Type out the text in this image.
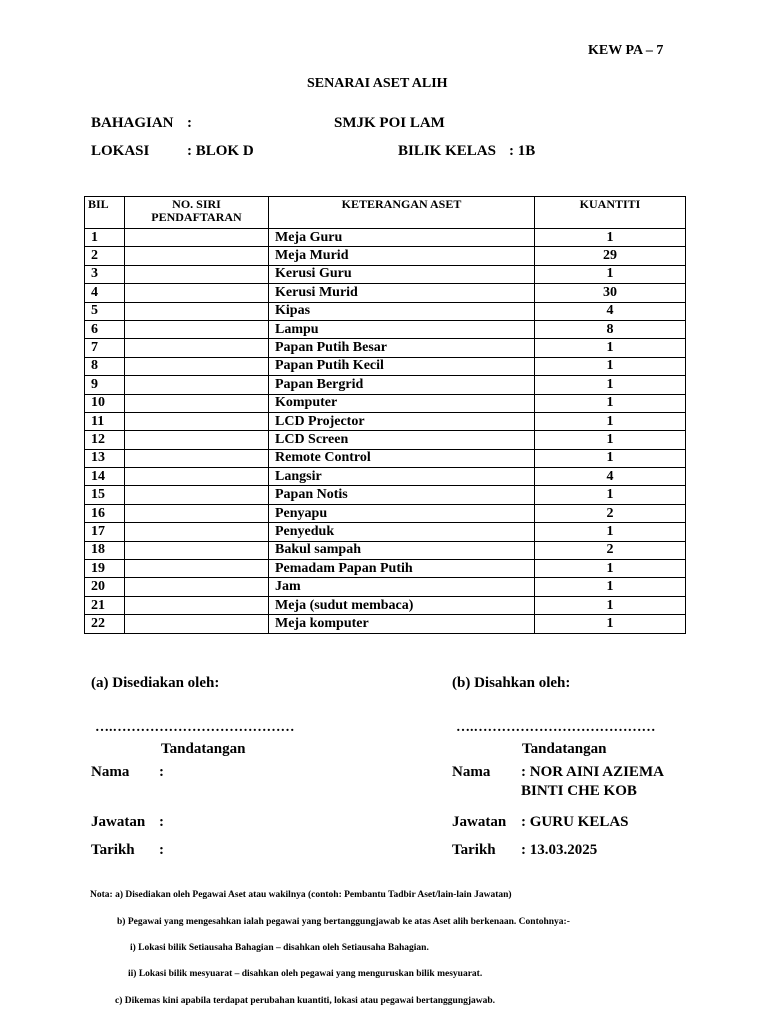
KEW PA – 7
SENARAI ASET ALIH
BAHAGIAN :	SMJK POI LAM
LOKASI	: BLOK D	BILIK KELAS : 1B
BIL	NO. SIRI PENDAFTARAN	KETERANGAN ASET	KUANTITI
1		Meja Guru	1
2		Meja Murid	29
3		Kerusi Guru	1
4		Kerusi Murid	30
5		Kipas	4
6		Lampu	8
7		Papan Putih Besar	1
8		Papan Putih Kecil	1
9		Papan Bergrid	1
10		Komputer	1
11		LCD Projector	1
12		LCD Screen	1
13		Remote Control	1
14		Langsir	4
15		Papan Notis	1
16		Penyapu	2
17		Penyeduk	1
18		Bakul sampah	2
19		Pemadam Papan Putih	1
20		Jam	1
21		Meja (sudut membaca)	1
22		Meja komputer	1
(a) Disediakan oleh:	(b) Disahkan oleh:
….…………………………………	….…………………………………
Tandatangan	Tandatangan
Nama :	Nama : NOR AINI AZIEMA
BINTI CHE KOB
Jawatan :	Jawatan : GURU KELAS
Tarikh :	Tarikh : 13.03.2025
Nota: a) Disediakan oleh Pegawai Aset atau wakilnya (contoh: Pembantu Tadbir Aset/lain-lain Jawatan)
b) Pegawai yang mengesahkan ialah pegawai yang bertanggungjawab ke atas Aset alih berkenaan. Contohnya:-
i) Lokasi bilik Setiausaha Bahagian – disahkan oleh Setiausaha Bahagian.
ii) Lokasi bilik mesyuarat – disahkan oleh pegawai yang menguruskan bilik mesyuarat.
c) Dikemas kini apabila terdapat perubahan kuantiti, lokasi atau pegawai bertanggungjawab.
